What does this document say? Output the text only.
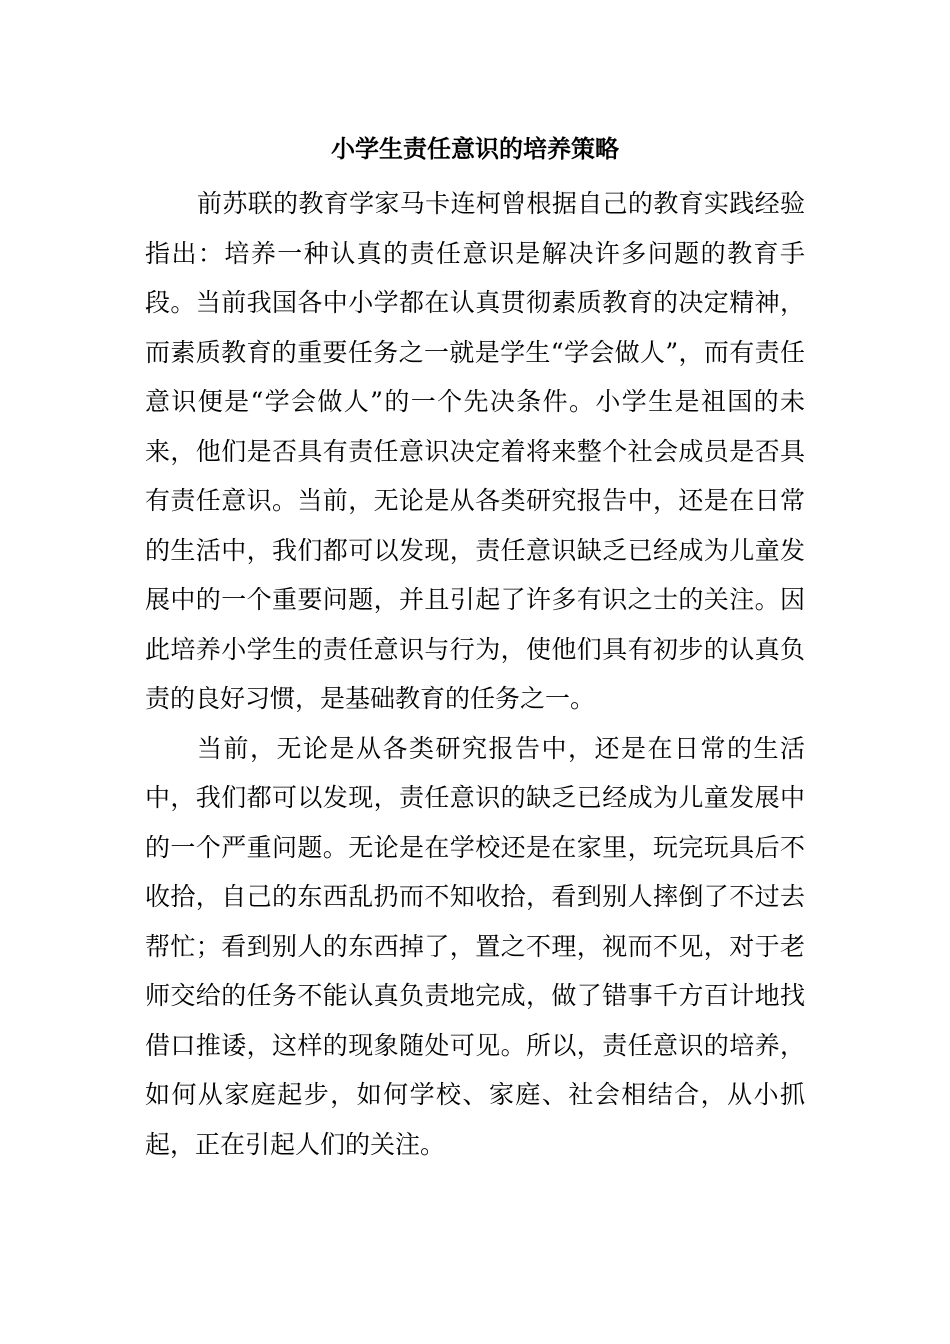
小学生责任意识的培养策略

前苏联的教育学家马卡连柯曾根据自己的教育实践经验指出：培养一种认真的责任意识是解决许多问题的教育手段。当前我国各中小学都在认真贯彻素质教育的决定精神，而素质教育的重要任务之一就是学生“学会做人”，而有责任意识便是“学会做人”的一个先决条件。小学生是祖国的未来，他们是否具有责任意识决定着将来整个社会成员是否具有责任意识。当前，无论是从各类研究报告中，还是在日常的生活中，我们都可以发现，责任意识缺乏已经成为儿童发展中的一个重要问题，并且引起了许多有识之士的关注。因此培养小学生的责任意识与行为，使他们具有初步的认真负责的良好习惯，是基础教育的任务之一。

当前，无论是从各类研究报告中，还是在日常的生活中，我们都可以发现，责任意识的缺乏已经成为儿童发展中的一个严重问题。无论是在学校还是在家里，玩完玩具后不收拾，自己的东西乱扔而不知收拾，看到别人摔倒了不过去帮忙；看到别人的东西掉了，置之不理，视而不见，对于老师交给的任务不能认真负责地完成，做了错事千方百计地找借口推诿，这样的现象随处可见。所以，责任意识的培养，如何从家庭起步，如何学校、家庭、社会相结合，从小抓起，正在引起人们的关注。
